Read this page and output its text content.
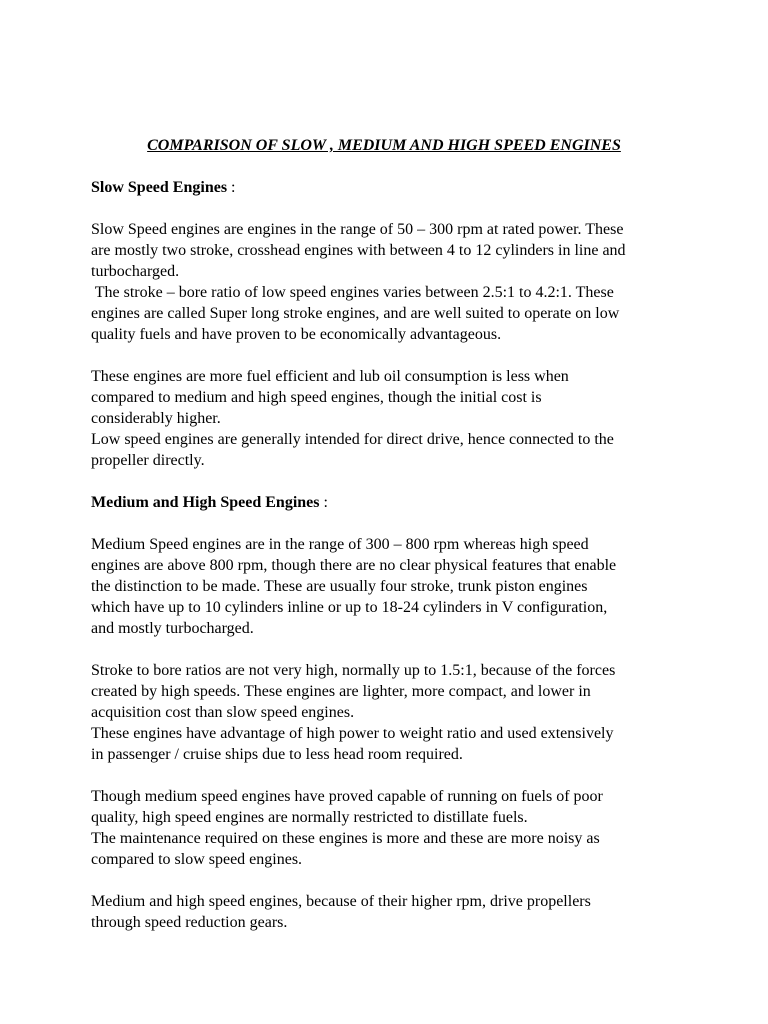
COMPARISON OF SLOW , MEDIUM AND HIGH SPEED ENGINES

Slow Speed Engines :

Slow Speed engines are engines in the range of 50 – 300 rpm at rated power. These
are mostly two stroke, crosshead engines with between 4 to 12 cylinders in line and
turbocharged.
The stroke – bore ratio of low speed engines varies between 2.5:1 to 4.2:1. These
engines are called Super long stroke engines, and are well suited to operate on low
quality fuels and have proven to be economically advantageous.
These engines are more fuel efficient and lub oil consumption is less when
compared to medium and high speed engines, though the initial cost is
considerably higher.
Low speed engines are generally intended for direct drive, hence connected to the
propeller directly.

Medium and High Speed Engines :

Medium Speed engines are in the range of 300 – 800 rpm whereas high speed
engines are above 800 rpm, though there are no clear physical features that enable
the distinction to be made. These are usually four stroke, trunk piston engines
which have up to 10 cylinders inline or up to 18-24 cylinders in V configuration,
and mostly turbocharged.
Stroke to bore ratios are not very high, normally up to 1.5:1, because of the forces
created by high speeds. These engines are lighter, more compact, and lower in
acquisition cost than slow speed engines.
These engines have advantage of high power to weight ratio and used extensively
in passenger / cruise ships due to less head room required.
Though medium speed engines have proved capable of running on fuels of poor
quality, high speed engines are normally restricted to distillate fuels.
The maintenance required on these engines is more and these are more noisy as
compared to slow speed engines.
Medium and high speed engines, because of their higher rpm, drive propellers
through speed reduction gears.
